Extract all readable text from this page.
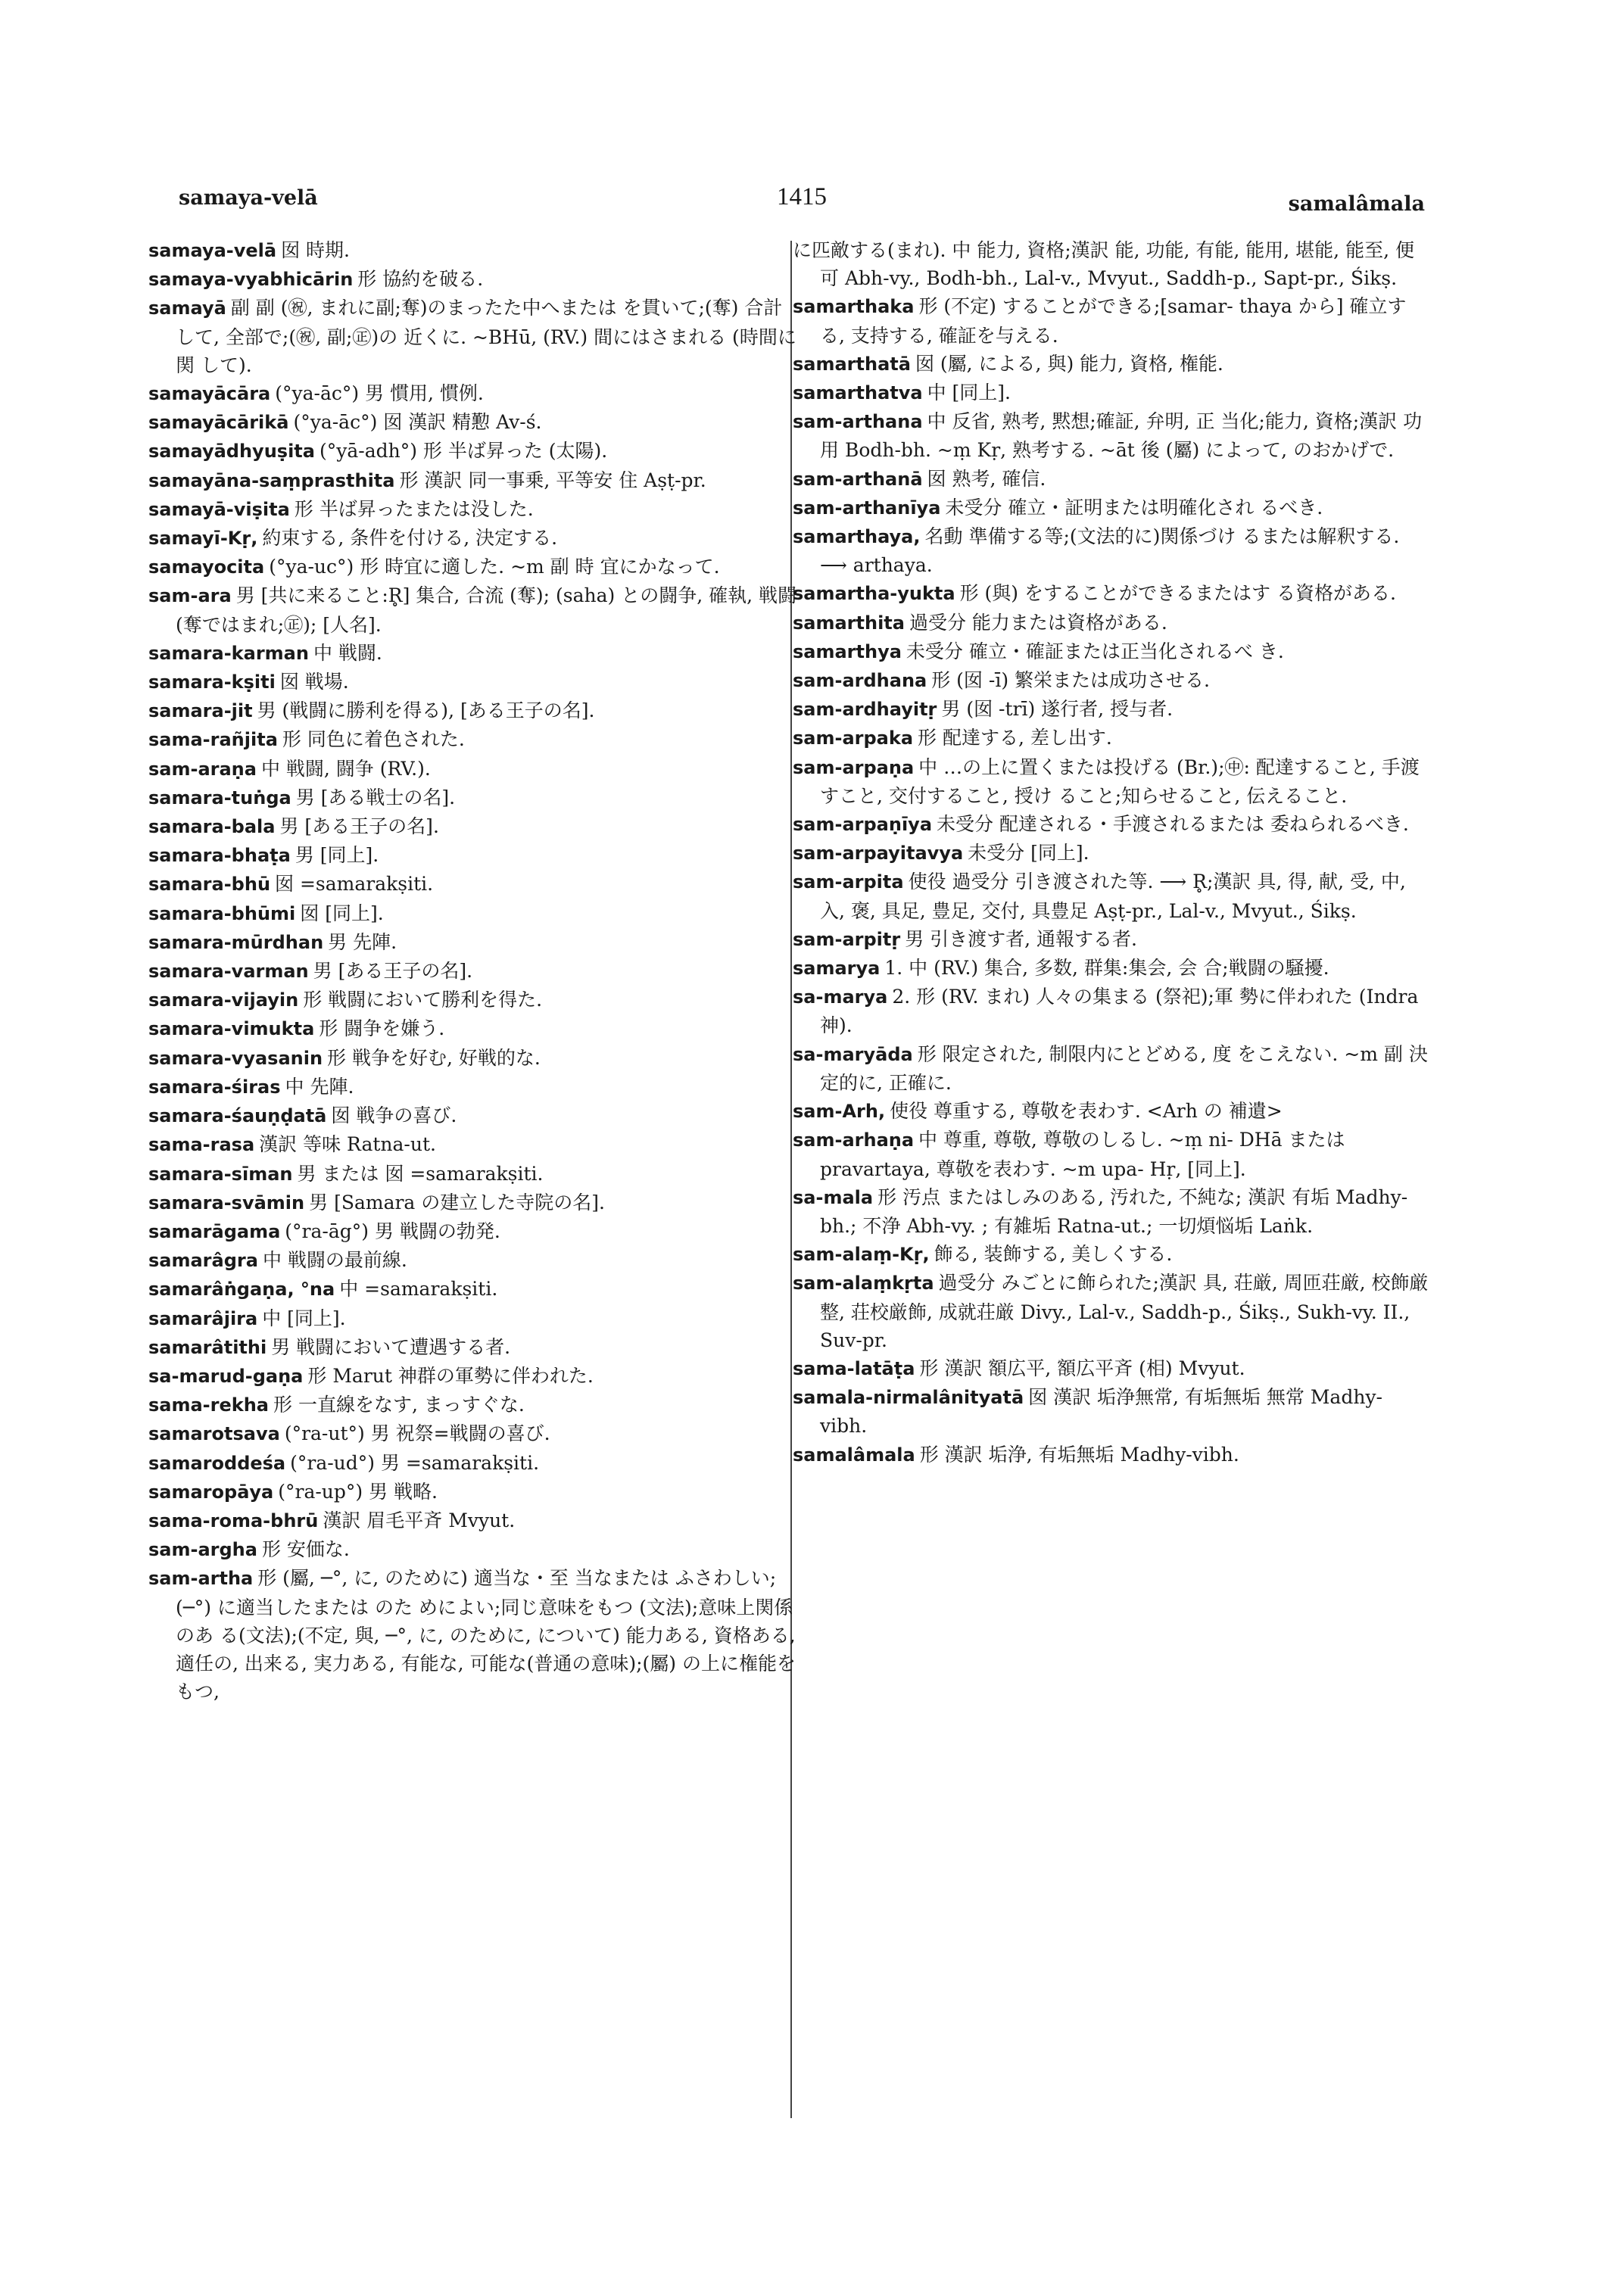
samaya-velā	1415	samalâmala

samaya-velā 囡 時期.

samaya-vyabhicārin 形 協約を破る.

samayā 副 副 (㊗, まれに副;奪)のまったた中へまたは を貫いて;(奪) 合計して, 全部で;(㊗, 副;㊣)の 近くに. ~BHū, (RV.) 間にはさまれる (時間に関 して).

samayācāra (°ya-āc°) 男 慣用, 慣例.

samayācārikā (°ya-āc°) 囡 漢訳 精懃 Av-ś.

samayādhyuṣita (°yā-adh°) 形 半ば昇った (太陽).

samayāna-saṃprasthita 形 漢訳 同一事乗, 平等安 住 Aṣṭ-pr.

samayā-viṣita 形 半ば昇ったまたは没した.

samayī-Kṛ, 約束する, 条件を付ける, 決定する.

samayocita (°ya-uc°) 形 時宜に適した. ~m 副 時 宜にかなって.

sam-ara 男 [共に来ること:R̥] 集合, 合流 (奪); (saha) との闘争, 確執, 戦闘 (奪ではまれ;㊣); [人名].

samara-karman 中 戦闘.

samara-kṣiti 囡 戦場.

samara-jit 男 (戦闘に勝利を得る), [ある王子の名].

sama-rañjita 形 同色に着色された.

sam-araṇa 中 戦闘, 闘争 (RV.).

samara-tuṅga 男 [ある戦士の名].

samara-bala 男 [ある王子の名].

samara-bhaṭa 男 [同上].

samara-bhū 囡 =samarakṣiti.

samara-bhūmi 囡 [同上].

samara-mūrdhan 男 先陣.

samara-varman 男 [ある王子の名].

samara-vijayin 形 戦闘において勝利を得た.

samara-vimukta 形 闘争を嫌う.

samara-vyasanin 形 戦争を好む, 好戦的な.

samara-śiras 中 先陣.

samara-śauṇḍatā 囡 戦争の喜び.

sama-rasa 漢訳 等味 Ratna-ut.

samara-sīman 男 または 囡 =samarakṣiti.

samara-svāmin 男 [Samara の建立した寺院の名].

samarāgama (°ra-āg°) 男 戦闘の勃発.

samarâgra 中 戦闘の最前線.

samarâṅgaṇa, °na 中 =samarakṣiti.

samarâjira 中 [同上].

samarâtithi 男 戦闘において遭遇する者.

sa-marud-gaṇa 形 Marut 神群の軍勢に伴われた.

sama-rekha 形 一直線をなす, まっすぐな.

samarotsava (°ra-ut°) 男 祝祭=戦闘の喜び.

samaroddeśa (°ra-ud°) 男 =samarakṣiti.

samaropāya (°ra-up°) 男 戦略.

sama-roma-bhrū 漢訳 眉毛平斉 Mvyut.

sam-argha 形 安価な.

sam-artha 形 (屬, ─°, に, のために) 適当な・至 当なまたは ふさわしい;(─°) に適当したまたは のた めによい;同じ意味をもつ (文法);意味上関係のあ る(文法);(不定, 與, ─°, に, のために, について) 能力ある, 資格ある, 適任の, 出来る, 実力ある, 有能な, 可能な(普通の意味);(屬) の上に権能をもつ,

に匹敵する(まれ). 中 能力, 資格;漢訳 能, 功能, 有能, 能用, 堪能, 能至, 便可 Abh-vy., Bodh-bh., Lal-v., Mvyut., Saddh-p., Sapt-pr., Śikṣ.

samarthaka 形 (不定) することができる;[samar- thaya から] 確立する, 支持する, 確証を与える.

samarthatā 囡 (屬, による, 與) 能力, 資格, 権能.

samarthatva 中 [同上].

sam-arthana 中 反省, 熟考, 黙想;確証, 弁明, 正 当化;能力, 資格;漢訳 功用 Bodh-bh. ~ṃ Kṛ, 熟考する. ~āt 後 (屬) によって, のおかげで.

sam-arthanā 囡 熟考, 確信.

sam-arthanīya 未受分 確立・証明または明確化され るべき.

samarthaya, 名動 準備する等;(文法的に)関係づけ るまたは解釈する. ⟶ arthaya.

samartha-yukta 形 (與) をすることができるまたはす る資格がある.

samarthita 過受分 能力または資格がある.

samarthya 未受分 確立・確証または正当化されるべ き.

sam-ardhana 形 (囡 -ī) 繁栄または成功させる.

sam-ardhayitṛ 男 (囡 -trī) 遂行者, 授与者.

sam-arpaka 形 配達する, 差し出す.

sam-arpaṇa 中 …の上に置くまたは投げる (Br.);㊥: 配達すること, 手渡すこと, 交付すること, 授け ること;知らせること, 伝えること.

sam-arpaṇīya 未受分 配達される・手渡されるまたは 委ねられるべき.

sam-arpayitavya 未受分 [同上].

sam-arpita 使役 過受分 引き渡された等. ⟶ R̥;漢訳 具, 得, 献, 受, 中, 入, 褒, 具足, 豊足, 交付, 具豊足 Aṣṭ-pr., Lal-v., Mvyut., Śikṣ.

sam-arpitṛ 男 引き渡す者, 通報する者.

samarya 1. 中 (RV.) 集合, 多数, 群集:集会, 会 合;戦闘の騒擾.

sa-marya 2. 形 (RV. まれ) 人々の集まる (祭祀);軍 勢に伴われた (Indra 神).

sa-maryāda 形 限定された, 制限内にとどめる, 度 をこえない. ~m 副 決定的に, 正確に.

sam-Arh, 使役 尊重する, 尊敬を表わす. <Arh の 補遺>

sam-arhaṇa 中 尊重, 尊敬, 尊敬のしるし. ~ṃ ni- DHā または pravartaya, 尊敬を表わす. ~m upa- Hṛ, [同上].

sa-mala 形 汚点 またはしみのある, 汚れた, 不純な; 漢訳 有垢 Madhy-bh.; 不浄 Abh-vy. ; 有雑垢 Ratna-ut.; 一切煩悩垢 Laṅk.

sam-alaṃ-Kṛ, 飾る, 装飾する, 美しくする.

sam-alaṃkṛta 過受分 みごとに飾られた;漢訳 具, 荘厳, 周匝荘厳, 校飾厳整, 荘校厳飾, 成就荘厳 Divy., Lal-v., Saddh-p., Śikṣ., Sukh-vy. II., Suv-pr.

sama-latāṭa 形 漢訳 額広平, 額広平斉 (相) Mvyut.

samala-nirmalânityatā 囡 漢訳 垢浄無常, 有垢無垢 無常 Madhy-vibh.

samalâmala 形 漢訳 垢浄, 有垢無垢 Madhy-vibh.
